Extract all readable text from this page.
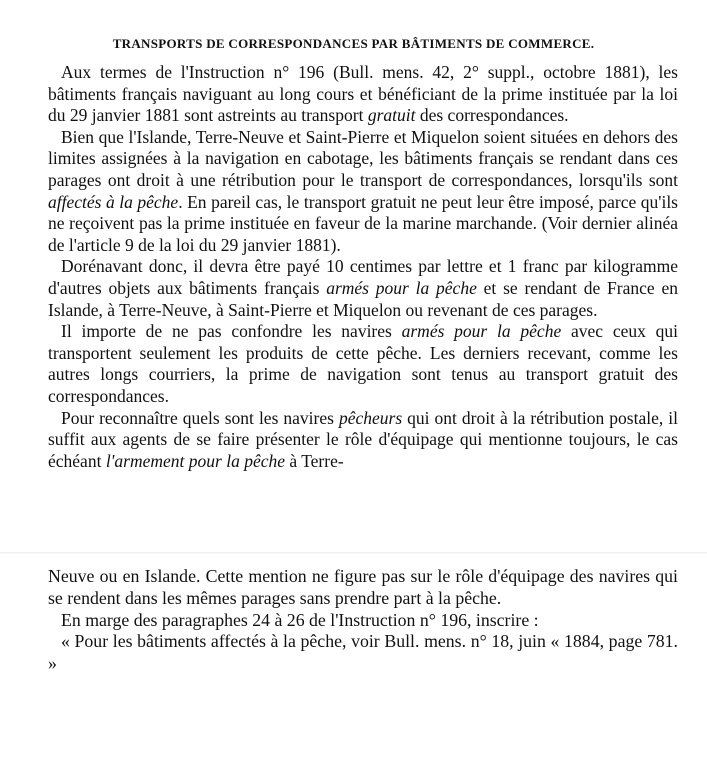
TRANSPORTS DE CORRESPONDANCES PAR BÂTIMENTS DE COMMERCE.

Aux termes de l'Instruction n° 196 (Bull. mens. 42, 2° suppl., octobre 1881), les bâtiments français naviguant au long cours et bénéficiant de la prime instituée par la loi du 29 janvier 1881 sont astreints au transport gratuit des correspondances.

Bien que l'Islande, Terre-Neuve et Saint-Pierre et Miquelon soient situées en dehors des limites assignées à la navigation en cabotage, les bâtiments français se rendant dans ces parages ont droit à une rétribution pour le transport de correspondances, lorsqu'ils sont affectés à la pêche. En pareil cas, le transport gratuit ne peut leur être imposé, parce qu'ils ne reçoivent pas la prime instituée en faveur de la marine marchande. (Voir dernier alinéa de l'article 9 de la loi du 29 janvier 1881).

Dorénavant donc, il devra être payé 10 centimes par lettre et 1 franc par kilogramme d'autres objets aux bâtiments français armés pour la pêche et se rendant de France en Islande, à Terre-Neuve, à Saint-Pierre et Miquelon ou revenant de ces parages.

Il importe de ne pas confondre les navires armés pour la pêche avec ceux qui transportent seulement les produits de cette pêche. Les derniers recevant, comme les autres longs courriers, la prime de navigation sont tenus au transport gratuit des correspondances.

Pour reconnaître quels sont les navires pêcheurs qui ont droit à la rétribution postale, il suffit aux agents de se faire présenter le rôle d'équipage qui mentionne toujours, le cas échéant l'armement pour la pêche à Terre-

Neuve ou en Islande. Cette mention ne figure pas sur le rôle d'équipage des navires qui se rendent dans les mêmes parages sans prendre part à la pêche.

En marge des paragraphes 24 à 26 de l'Instruction n° 196, inscrire :

« Pour les bâtiments affectés à la pêche, voir Bull. mens. n° 18, juin « 1884, page 781. »
